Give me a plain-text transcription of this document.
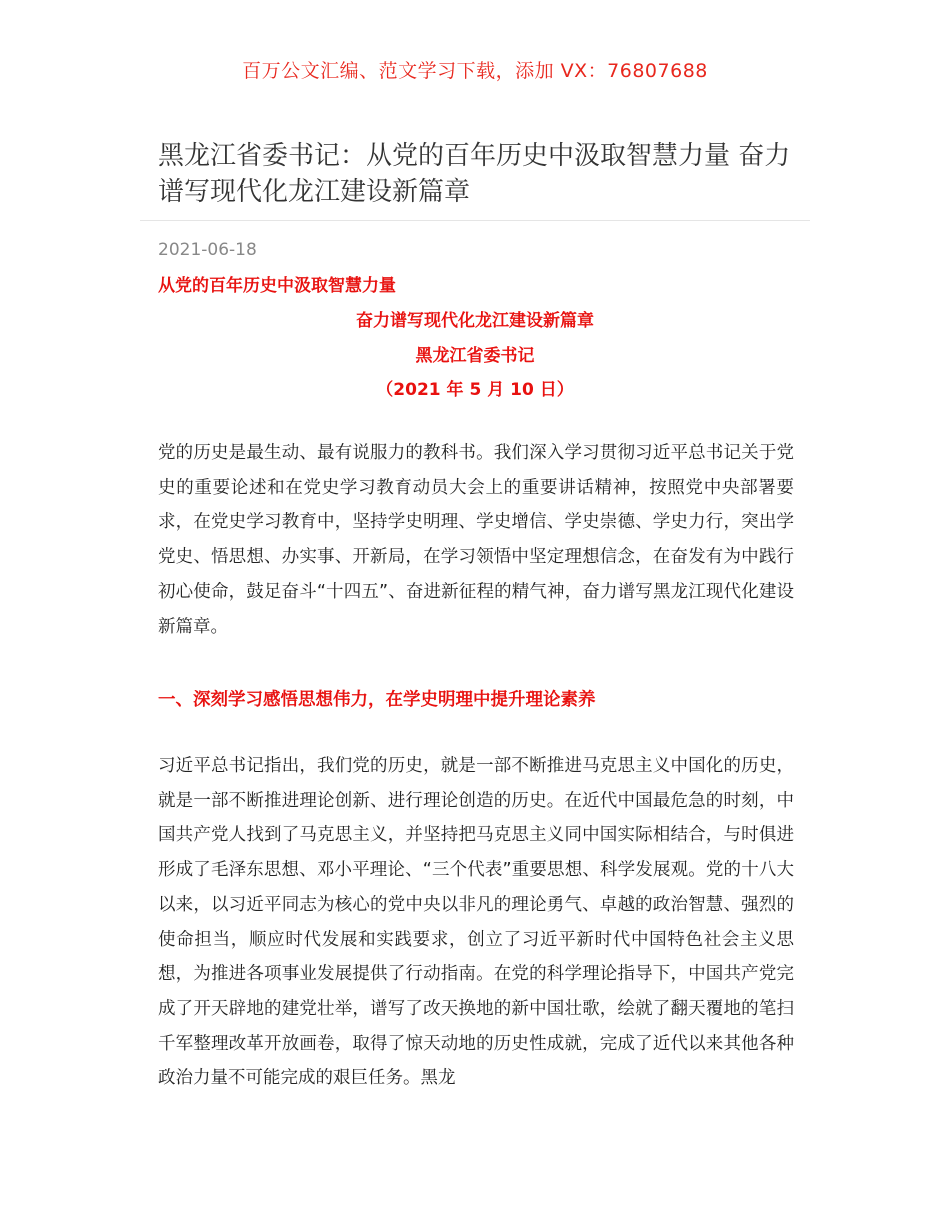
百万公文汇编、范文学习下载，添加 VX：76807688
黑龙江省委书记：从党的百年历史中汲取智慧力量 奋力谱写现代化龙江建设新篇章
2021-06-18
从党的百年历史中汲取智慧力量
奋力谱写现代化龙江建设新篇章
黑龙江省委书记
（2021 年 5 月 10 日）

党的历史是最生动、最有说服力的教科书。我们深入学习贯彻习近平总书记关于党史的重要论述和在党史学习教育动员大会上的重要讲话精神，按照党中央部署要求，在党史学习教育中，坚持学史明理、学史增信、学史崇德、学史力行，突出学党史、悟思想、办实事、开新局，在学习领悟中坚定理想信念，在奋发有为中践行初心使命，鼓足奋斗“十四五”、奋进新征程的精气神，奋力谱写黑龙江现代化建设新篇章。

一、深刻学习感悟思想伟力，在学史明理中提升理论素养

习近平总书记指出，我们党的历史，就是一部不断推进马克思主义中国化的历史，就是一部不断推进理论创新、进行理论创造的历史。在近代中国最危急的时刻，中国共产党人找到了马克思主义，并坚持把马克思主义同中国实际相结合，与时俱进形成了毛泽东思想、邓小平理论、“三个代表”重要思想、科学发展观。党的十八大以来，以习近平同志为核心的党中央以非凡的理论勇气、卓越的政治智慧、强烈的使命担当，顺应时代发展和实践要求，创立了习近平新时代中国特色社会主义思想，为推进各项事业发展提供了行动指南。在党的科学理论指导下，中国共产党完成了开天辟地的建党壮举，谱写了改天换地的新中国壮歌，绘就了翻天覆地的笔扫千军整理改革开放画卷，取得了惊天动地的历史性成就，完成了近代以来其他各种政治力量不可能完成的艰巨任务。黑龙
